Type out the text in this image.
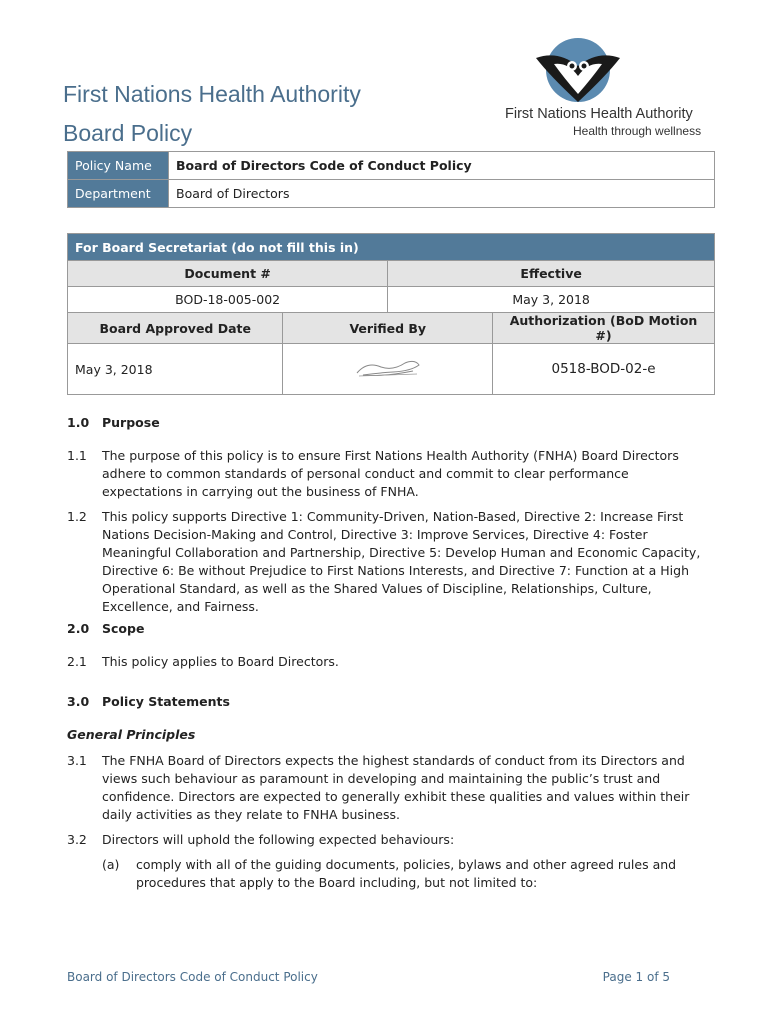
First Nations Health Authority
Board Policy
First Nations Health Authority
Health through wellness
Policy Name	Board of Directors Code of Conduct Policy
Department	Board of Directors
For Board Secretariat (do not fill this in)			
Document #		Effective	
BOD-18-005-002		May 3, 2018	
Board Approved Date	Verified By		Authorization (BoD Motion #)
May 3, 2018			0518-BOD-02-e
1.0 Purpose
1.1 The purpose of this policy is to ensure First Nations Health Authority (FNHA) Board Directors adhere to common standards of personal conduct and commit to clear performance expectations in carrying out the business of FNHA.
1.2 This policy supports Directive 1: Community-Driven, Nation-Based, Directive 2: Increase First Nations Decision-Making and Control, Directive 3: Improve Services, Directive 4: Foster Meaningful Collaboration and Partnership, Directive 5: Develop Human and Economic Capacity, Directive 6: Be without Prejudice to First Nations Interests, and Directive 7: Function at a High Operational Standard, as well as the Shared Values of Discipline, Relationships, Culture, Excellence, and Fairness.
2.0 Scope
2.1 This policy applies to Board Directors.
3.0 Policy Statements
General Principles
3.1 The FNHA Board of Directors expects the highest standards of conduct from its Directors and views such behaviour as paramount in developing and maintaining the public’s trust and confidence. Directors are expected to generally exhibit these qualities and values within their daily activities as they relate to FNHA business.
3.2 Directors will uphold the following expected behaviours:
(a) comply with all of the guiding documents, policies, bylaws and other agreed rules and procedures that apply to the Board including, but not limited to:
Board of Directors Code of Conduct Policy	Page 1 of 5
